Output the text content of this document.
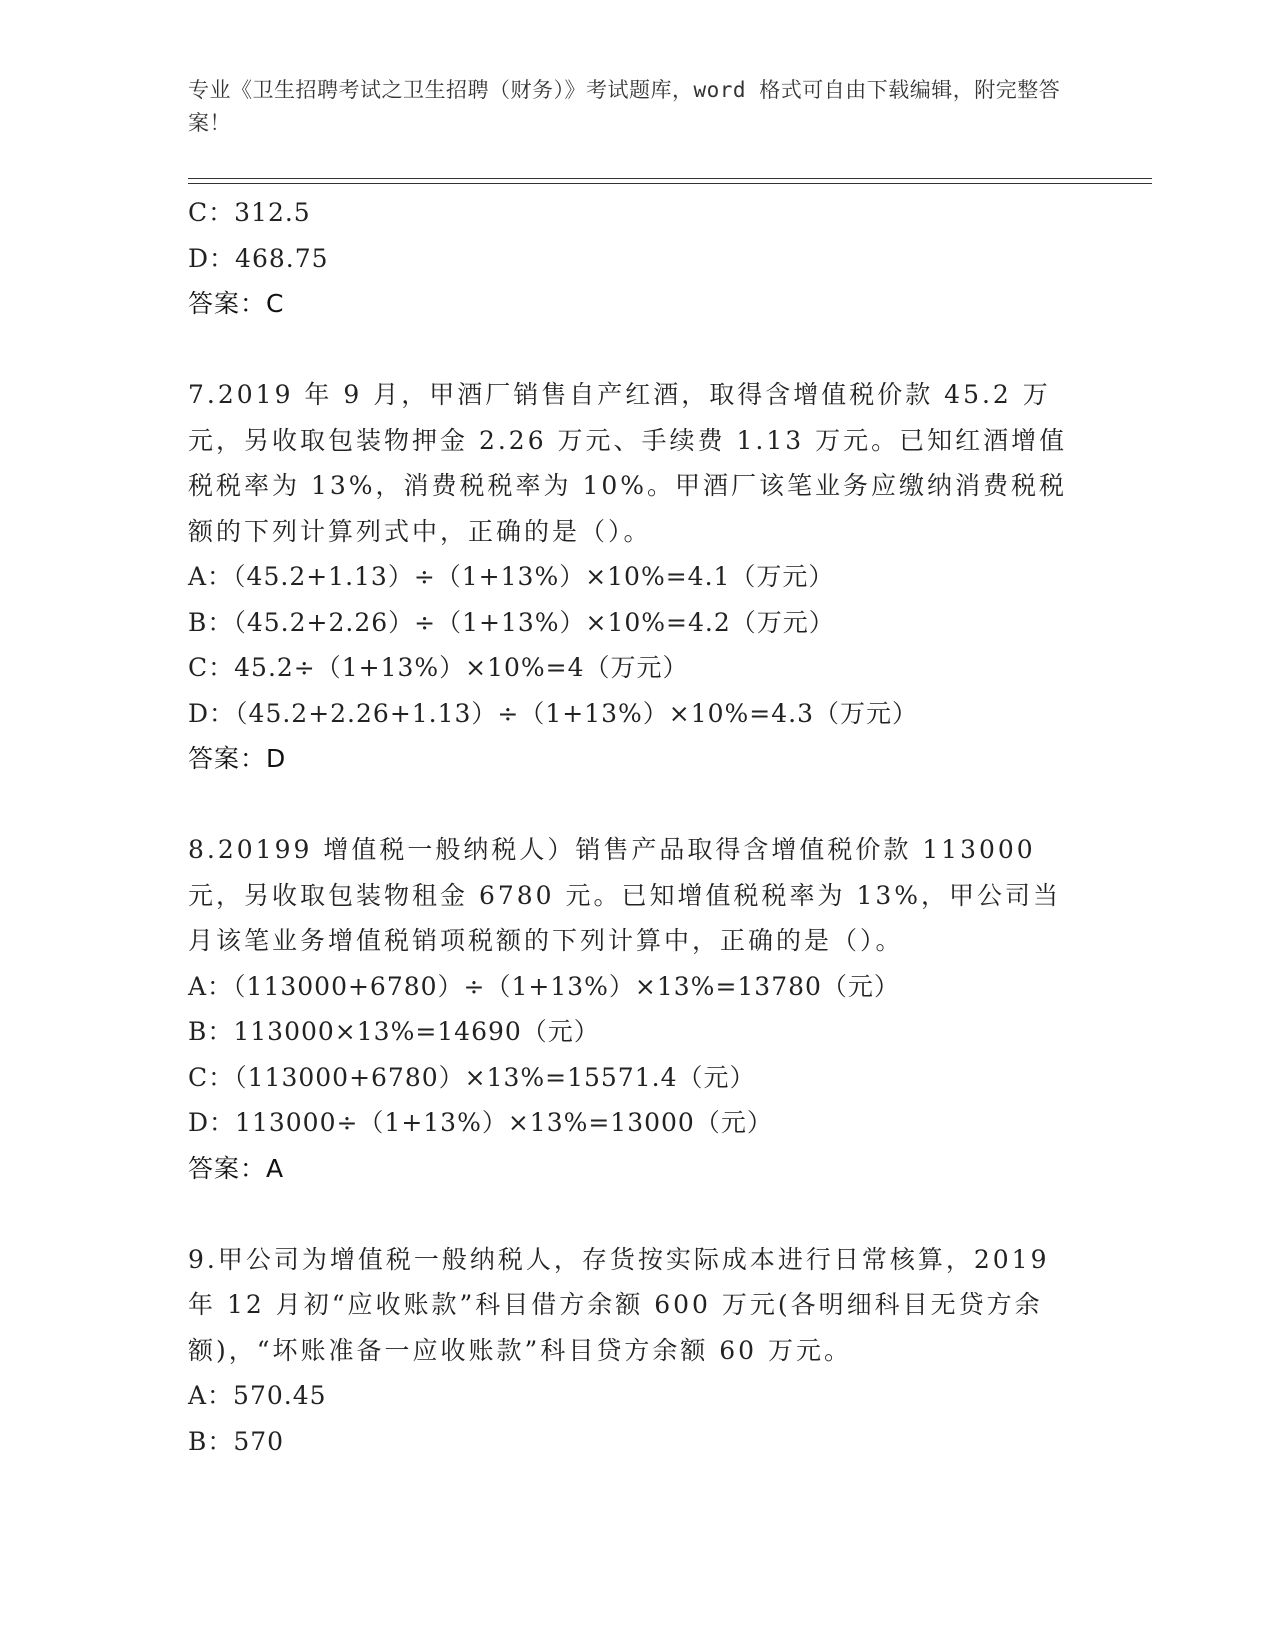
专业《卫生招聘考试之卫生招聘（财务）》考试题库，word 格式可自由下载编辑，附完整答案！
C：312.5
D：468.75
答案：C
7.2019 年 9 月，甲酒厂销售自产红酒，取得含增值税价款 45.2 万元，另收取包装物押金 2.26 万元、手续费 1.13 万元。已知红酒增值税税率为 13%，消费税税率为 10%。甲酒厂该笔业务应缴纳消费税税额的下列计算列式中，正确的是（）。
A：（45.2+1.13）÷（1+13%）×10%=4.1（万元）
B：（45.2+2.26）÷（1+13%）×10%=4.2（万元）
C：45.2÷（1+13%）×10%=4（万元）
D：（45.2+2.26+1.13）÷（1+13%）×10%=4.3（万元）
答案：D
8.20199 增值税一般纳税人）销售产品取得含增值税价款 113000 元，另收取包装物租金 6780 元。已知增值税税率为 13%，甲公司当月该笔业务增值税销项税额的下列计算中，正确的是（）。
A：（113000+6780）÷（1+13%）×13%=13780（元）
B：113000×13%=14690（元）
C：（113000+6780）×13%=15571.4（元）
D：113000÷（1+13%）×13%=13000（元）
答案：A
9.甲公司为增值税一般纳税人，存货按实际成本进行日常核算，2019 年 12 月初“应收账款”科目借方余额 600 万元(各明细科目无贷方余额)，“坏账准备一应收账款”科目贷方余额 60 万元。
A：570.45
B：570
